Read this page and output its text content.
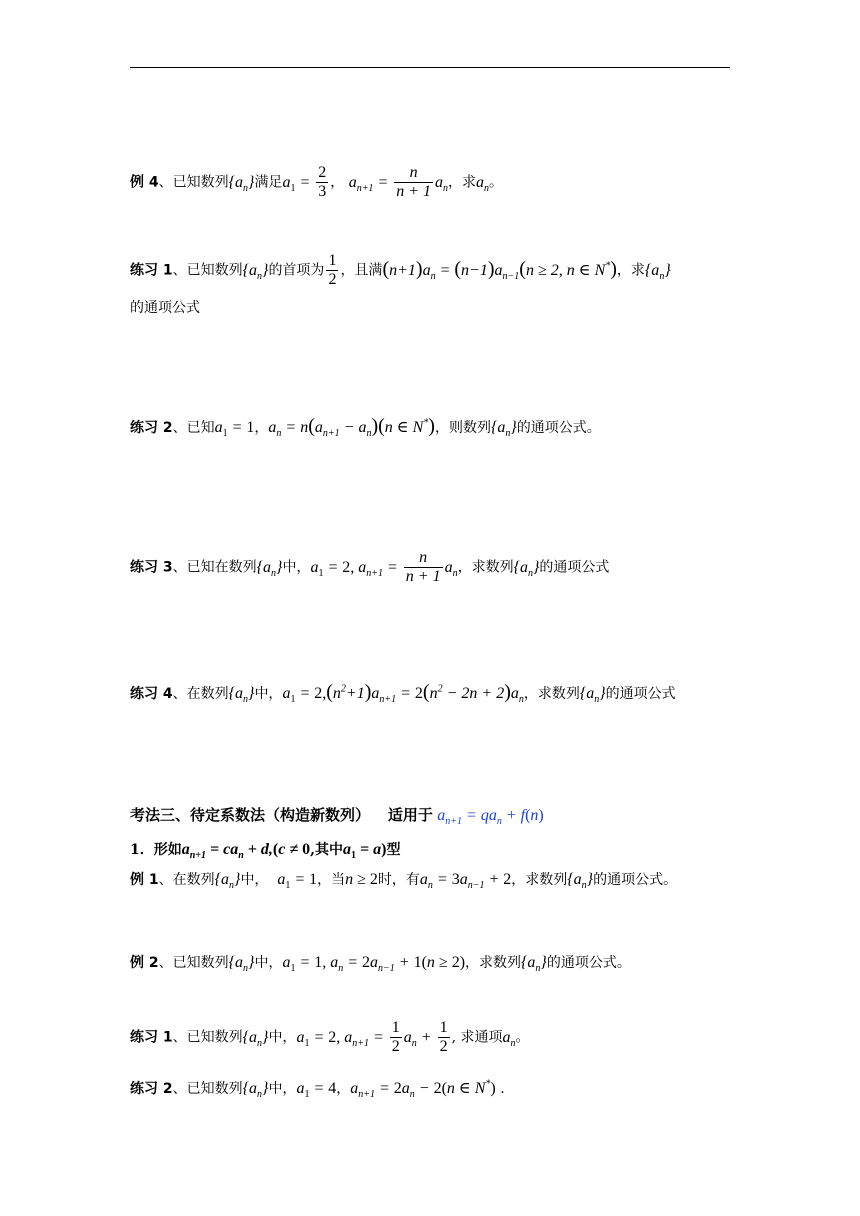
例 4、已知数列$\{a_n\}$满足$a_1 = \frac{2}{3}$ ， $a_{n+1} = \frac{n}{n + 1} a_n$，求$a_n$。
练习 1、已知数列$\{a_n\}$的首项为 $\frac{1}{2}$ ，且满$(n+1)a_n = (n-1)a_{n-1}(n \ge 2$, n ∈ N*)，求$\{a_n\}$
的通项公式
练习 2、已知$a_1 = 1$，$a_n = n(a_{n+1} - a_n)(n$ ∈ N*)，则数列$\{a_n\}$的通项公式。
练习 3、已知在数列$\{a_n\}$中，$a_1 = 2$, $a_{n+1} = \frac{n}{n + 1} a_n$，求数列$\{a_n\}$的通项公式
练习 4、在数列$\{a_n\}$中，$a_1 = 2,(n^2+1)a_{n+1} = 2(n^2 - 2n + 2)a_n$，求数列$\{a_n\}$的通项公式
考法三、待定系数法（构造新数列） 适用于 $a_{n+1} = qa_n + f(n)$
1．形如$a_{n+1} = ca_n + d,(c \ne 0$,其中$a_1 = a$)型
例 1、在数列$\{a_n\}$中，  $a_1 = 1$，当n ≥ 2时，有$a_n = 3a_{n-1} + 2$，求数列$\{a_n\}$的通项公式。
例 2、已知数列$\{a_n\}$中，$a_1 = 1$, $a_n = 2a_{n-1} + 1(n \ge 2)$，求数列$\{a_n\}$的通项公式。
练习 1、已知数列$\{a_n\}$中，$a_1 = 2$, $a_{n+1} = \frac{1}{2} a_n + \frac{1}{2}$ , 求通项$a_n$。
练习 2、已知数列$\{a_n\}$中，$a_1 = 4$，$a_{n+1} = 2a_n - 2(n$ ∈ N*) .
